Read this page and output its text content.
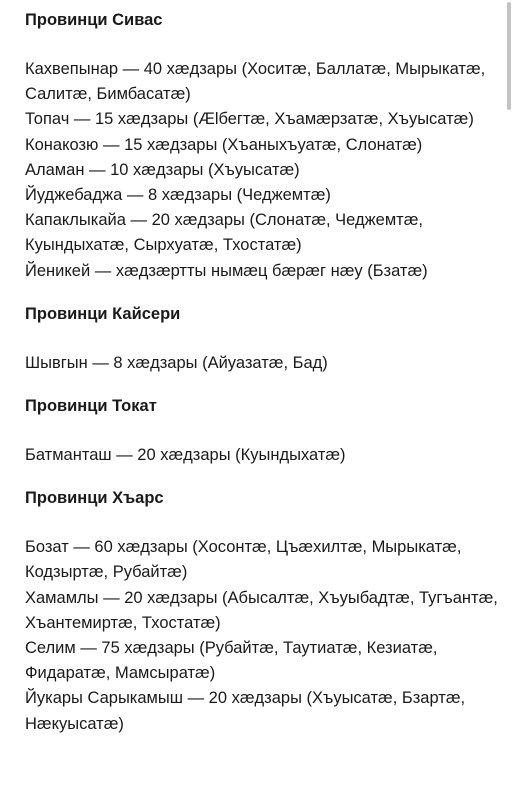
Провинци Сивас

Кахвепынар — 40 хæдзары (Хоситæ, Баллатæ, Мырыкатæ, Салитæ, Бимбасатæ)

Топач — 15 хæдзары (Ælбегтæ, Хъамæрзатæ, Хъуысатæ)

Конакозю — 15 хæдзары (Хъаныхъуатæ, Слонатæ)

Аламан — 10 хæдзары (Хъуысатæ)

Йуджебаджа — 8 хæдзары (Чеджемтæ)

Капаклыкайа — 20 хæдзары (Слонатæ, Чеджемтæ, Куындыхатæ, Сырхуатæ, Тхостатæ)

Йеникей — хæдзæртты нымæц бæрæг нæу (Бзатæ)

Провинци Кайсери

Шывгын — 8 хæдзары (Айуазатæ, Бад)

Провинци Токат

Батманташ — 20 хæдзары (Куындыхатæ)

Провинци Хъарс

Бозат — 60 хæдзары (Хосонтæ, Цъæхилтæ, Мырыкатæ, Кодзыртæ, Рубайтæ)

Хамамлы — 20 хæдзары (Абысалтæ, Хъуыбадтæ, Тугъантæ, Хъантемиртæ, Тхостатæ)

Селим — 75 хæдзары (Рубайтæ, Таутиатæ, Кезиатæ, Фидаратæ, Мамсыратæ)

Йукары Сарыкамыш — 20 хæдзары (Хъуысатæ, Бзартæ, Нæкуысатæ)
